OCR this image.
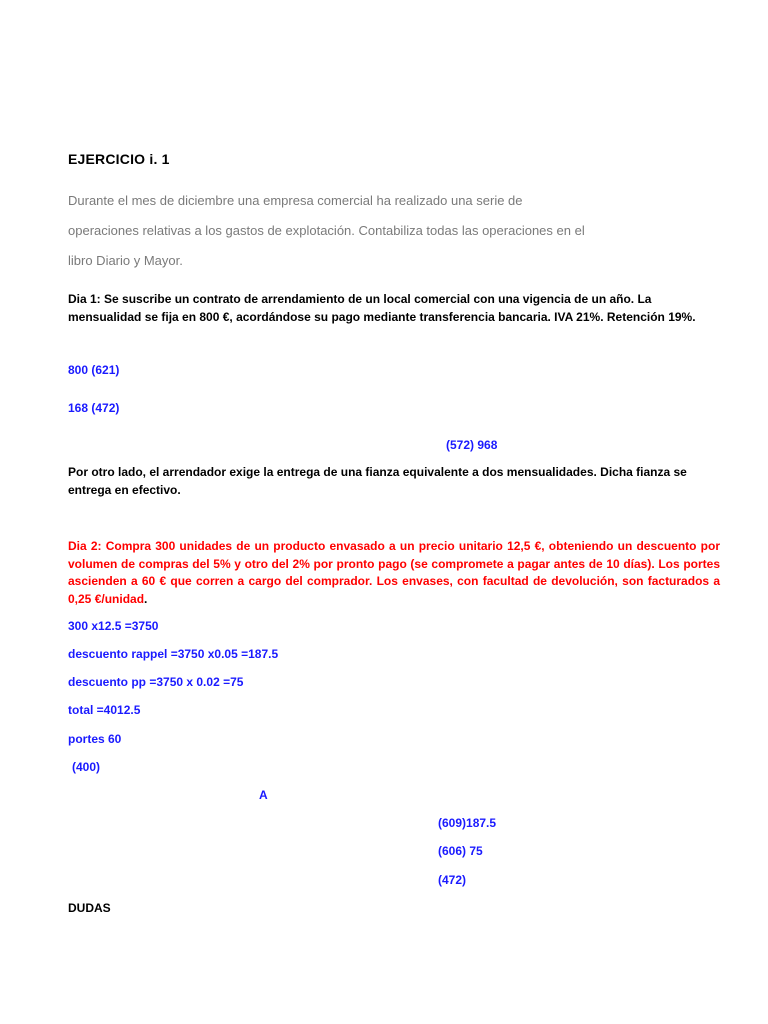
EJERCICIO i. 1
Durante el mes de diciembre una empresa comercial ha realizado una serie de
operaciones relativas a los gastos de explotación. Contabiliza todas las operaciones en el
libro Diario y Mayor.
Dia 1: Se suscribe un contrato de arrendamiento de un local comercial con una vigencia de un año. La mensualidad se fija en 800 €, acordándose su pago mediante transferencia bancaria. IVA 21%. Retención 19%.
800 (621)
168 (472)
(572) 968
Por otro lado, el arrendador exige la entrega de una fianza equivalente a dos mensualidades. Dicha fianza se entrega en efectivo.
Dia 2: Compra 300 unidades de un producto envasado a un precio unitario 12,5 €, obteniendo un descuento por volumen de compras del 5% y otro del 2% por pronto pago (se compromete a pagar antes de 10 días). Los portes ascienden a 60 € que corren a cargo del comprador. Los envases, con facultad de devolución, son facturados a 0,25 €/unidad.
300 x12.5 =3750
descuento rappel =3750 x0.05 =187.5
descuento pp =3750 x 0.02 =75
total =4012.5
portes 60
(400)
A
(609)187.5
(606) 75
(472)
DUDAS
